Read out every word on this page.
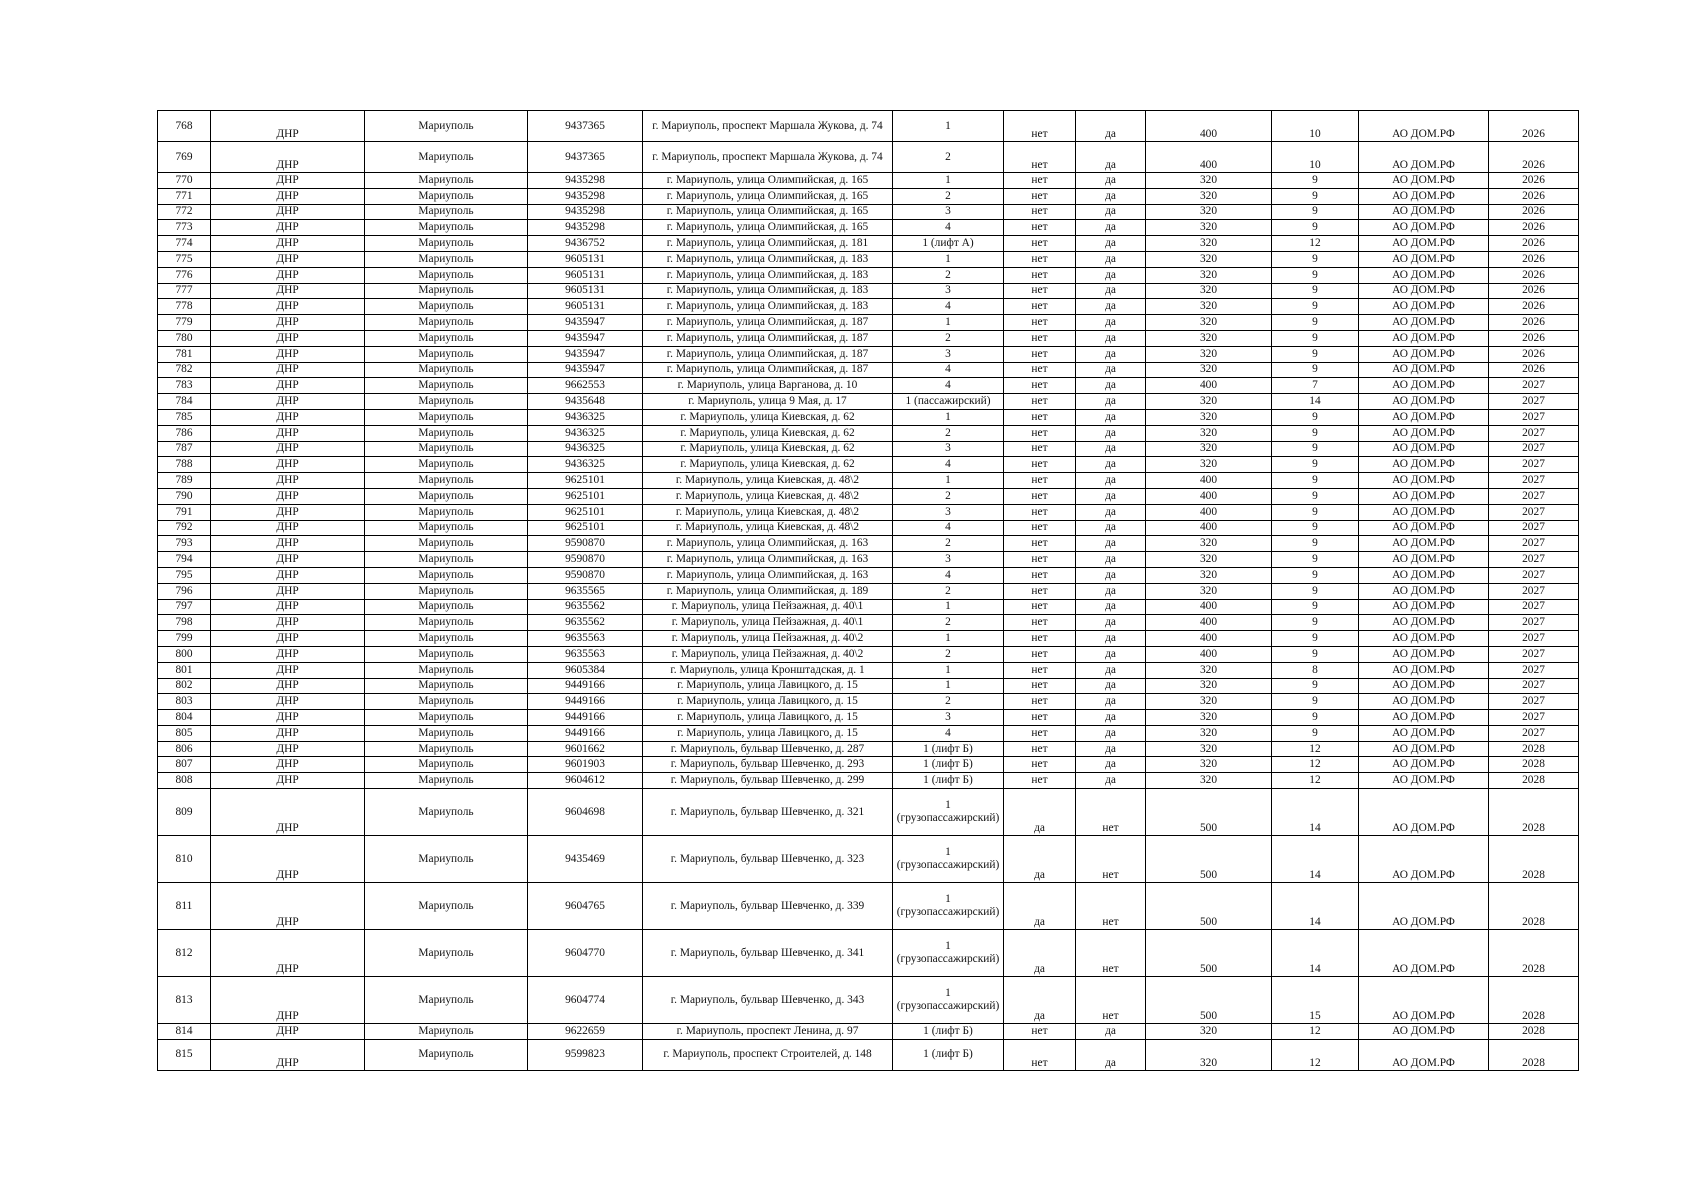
768	ДНР	Мариуполь	9437365	г. Мариуполь, проспект Маршала Жукова, д. 74	1	нет	да	400	10	АО ДОМ.РФ	2026
769	ДНР	Мариуполь	9437365	г. Мариуполь, проспект Маршала Жукова, д. 74	2	нет	да	400	10	АО ДОМ.РФ	2026
770	ДНР	Мариуполь	9435298	г. Мариуполь, улица Олимпийская, д. 165	1	нет	да	320	9	АО ДОМ.РФ	2026
771	ДНР	Мариуполь	9435298	г. Мариуполь, улица Олимпийская, д. 165	2	нет	да	320	9	АО ДОМ.РФ	2026
772	ДНР	Мариуполь	9435298	г. Мариуполь, улица Олимпийская, д. 165	3	нет	да	320	9	АО ДОМ.РФ	2026
773	ДНР	Мариуполь	9435298	г. Мариуполь, улица Олимпийская, д. 165	4	нет	да	320	9	АО ДОМ.РФ	2026
774	ДНР	Мариуполь	9436752	г. Мариуполь, улица Олимпийская, д. 181	1 (лифт А)	нет	да	320	12	АО ДОМ.РФ	2026
775	ДНР	Мариуполь	9605131	г. Мариуполь, улица Олимпийская, д. 183	1	нет	да	320	9	АО ДОМ.РФ	2026
776	ДНР	Мариуполь	9605131	г. Мариуполь, улица Олимпийская, д. 183	2	нет	да	320	9	АО ДОМ.РФ	2026
777	ДНР	Мариуполь	9605131	г. Мариуполь, улица Олимпийская, д. 183	3	нет	да	320	9	АО ДОМ.РФ	2026
778	ДНР	Мариуполь	9605131	г. Мариуполь, улица Олимпийская, д. 183	4	нет	да	320	9	АО ДОМ.РФ	2026
779	ДНР	Мариуполь	9435947	г. Мариуполь, улица Олимпийская, д. 187	1	нет	да	320	9	АО ДОМ.РФ	2026
780	ДНР	Мариуполь	9435947	г. Мариуполь, улица Олимпийская, д. 187	2	нет	да	320	9	АО ДОМ.РФ	2026
781	ДНР	Мариуполь	9435947	г. Мариуполь, улица Олимпийская, д. 187	3	нет	да	320	9	АО ДОМ.РФ	2026
782	ДНР	Мариуполь	9435947	г. Мариуполь, улица Олимпийская, д. 187	4	нет	да	320	9	АО ДОМ.РФ	2026
783	ДНР	Мариуполь	9662553	г. Мариуполь, улица Варганова, д. 10	4	нет	да	400	7	АО ДОМ.РФ	2027
784	ДНР	Мариуполь	9435648	г. Мариуполь, улица 9 Мая, д. 17	1 (пассажирский)	нет	да	320	14	АО ДОМ.РФ	2027
785	ДНР	Мариуполь	9436325	г. Мариуполь, улица Киевская, д. 62	1	нет	да	320	9	АО ДОМ.РФ	2027
786	ДНР	Мариуполь	9436325	г. Мариуполь, улица Киевская, д. 62	2	нет	да	320	9	АО ДОМ.РФ	2027
787	ДНР	Мариуполь	9436325	г. Мариуполь, улица Киевская, д. 62	3	нет	да	320	9	АО ДОМ.РФ	2027
788	ДНР	Мариуполь	9436325	г. Мариуполь, улица Киевская, д. 62	4	нет	да	320	9	АО ДОМ.РФ	2027
789	ДНР	Мариуполь	9625101	г. Мариуполь, улица Киевская, д. 48\2	1	нет	да	400	9	АО ДОМ.РФ	2027
790	ДНР	Мариуполь	9625101	г. Мариуполь, улица Киевская, д. 48\2	2	нет	да	400	9	АО ДОМ.РФ	2027
791	ДНР	Мариуполь	9625101	г. Мариуполь, улица Киевская, д. 48\2	3	нет	да	400	9	АО ДОМ.РФ	2027
792	ДНР	Мариуполь	9625101	г. Мариуполь, улица Киевская, д. 48\2	4	нет	да	400	9	АО ДОМ.РФ	2027
793	ДНР	Мариуполь	9590870	г. Мариуполь, улица Олимпийская, д. 163	2	нет	да	320	9	АО ДОМ.РФ	2027
794	ДНР	Мариуполь	9590870	г. Мариуполь, улица Олимпийская, д. 163	3	нет	да	320	9	АО ДОМ.РФ	2027
795	ДНР	Мариуполь	9590870	г. Мариуполь, улица Олимпийская, д. 163	4	нет	да	320	9	АО ДОМ.РФ	2027
796	ДНР	Мариуполь	9635565	г. Мариуполь, улица Олимпийская, д. 189	2	нет	да	320	9	АО ДОМ.РФ	2027
797	ДНР	Мариуполь	9635562	г. Мариуполь, улица Пейзажная, д. 40\1	1	нет	да	400	9	АО ДОМ.РФ	2027
798	ДНР	Мариуполь	9635562	г. Мариуполь, улица Пейзажная, д. 40\1	2	нет	да	400	9	АО ДОМ.РФ	2027
799	ДНР	Мариуполь	9635563	г. Мариуполь, улица Пейзажная, д. 40\2	1	нет	да	400	9	АО ДОМ.РФ	2027
800	ДНР	Мариуполь	9635563	г. Мариуполь, улица Пейзажная, д. 40\2	2	нет	да	400	9	АО ДОМ.РФ	2027
801	ДНР	Мариуполь	9605384	г. Мариуполь, улица Кронштадская, д. 1	1	нет	да	320	8	АО ДОМ.РФ	2027
802	ДНР	Мариуполь	9449166	г. Мариуполь, улица Лавицкого, д. 15	1	нет	да	320	9	АО ДОМ.РФ	2027
803	ДНР	Мариуполь	9449166	г. Мариуполь, улица Лавицкого, д. 15	2	нет	да	320	9	АО ДОМ.РФ	2027
804	ДНР	Мариуполь	9449166	г. Мариуполь, улица Лавицкого, д. 15	3	нет	да	320	9	АО ДОМ.РФ	2027
805	ДНР	Мариуполь	9449166	г. Мариуполь, улица Лавицкого, д. 15	4	нет	да	320	9	АО ДОМ.РФ	2027
806	ДНР	Мариуполь	9601662	г. Мариуполь, бульвар Шевченко, д. 287	1 (лифт Б)	нет	да	320	12	АО ДОМ.РФ	2028
807	ДНР	Мариуполь	9601903	г. Мариуполь, бульвар Шевченко, д. 293	1 (лифт Б)	нет	да	320	12	АО ДОМ.РФ	2028
808	ДНР	Мариуполь	9604612	г. Мариуполь, бульвар Шевченко, д. 299	1 (лифт Б)	нет	да	320	12	АО ДОМ.РФ	2028
809	ДНР	Мариуполь	9604698	г. Мариуполь, бульвар Шевченко, д. 321	1 (грузопассажирский)	да	нет	500	14	АО ДОМ.РФ	2028
810	ДНР	Мариуполь	9435469	г. Мариуполь, бульвар Шевченко, д. 323	1 (грузопассажирский)	да	нет	500	14	АО ДОМ.РФ	2028
811	ДНР	Мариуполь	9604765	г. Мариуполь, бульвар Шевченко, д. 339	1 (грузопассажирский)	да	нет	500	14	АО ДОМ.РФ	2028
812	ДНР	Мариуполь	9604770	г. Мариуполь, бульвар Шевченко, д. 341	1 (грузопассажирский)	да	нет	500	14	АО ДОМ.РФ	2028
813	ДНР	Мариуполь	9604774	г. Мариуполь, бульвар Шевченко, д. 343	1 (грузопассажирский)	да	нет	500	15	АО ДОМ.РФ	2028
814	ДНР	Мариуполь	9622659	г. Мариуполь, проспект Ленина, д. 97	1 (лифт Б)	нет	да	320	12	АО ДОМ.РФ	2028
815	ДНР	Мариуполь	9599823	г. Мариуполь, проспект Строителей, д. 148	1 (лифт Б)	нет	да	320	12	АО ДОМ.РФ	2028
